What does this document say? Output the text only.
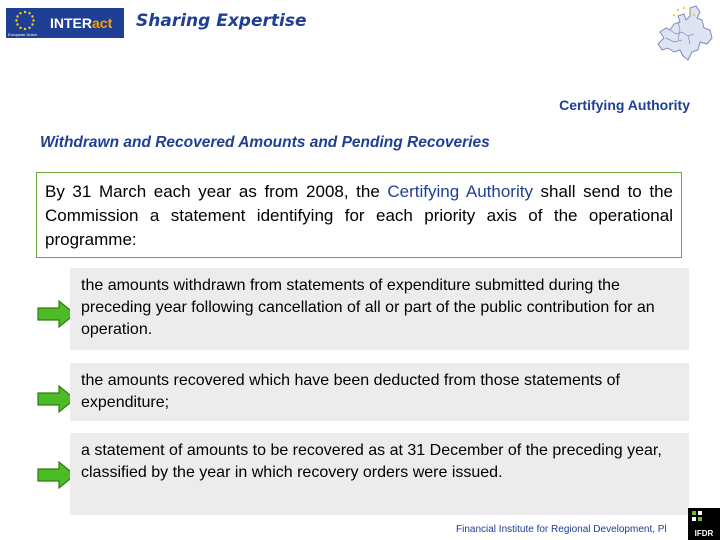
European Union
INTERact	Sharing Expertise
Certifying Authority
Withdrawn and Recovered Amounts and Pending Recoveries
By 31 March each year as from 2008, the Certifying Authority shall send to the Commission a statement identifying for each priority axis of the operational programme:
the amounts withdrawn from statements of expenditure submitted during the preceding year following cancellation of all or part of the public contribution for an operation.
the amounts recovered which have been deducted from those statements of expenditure;
a statement of amounts to be recovered as at 31 December of the preceding year, classified by the year in which recovery orders were issued.
Financial Institute for Regional Development, Pl	IFDR
